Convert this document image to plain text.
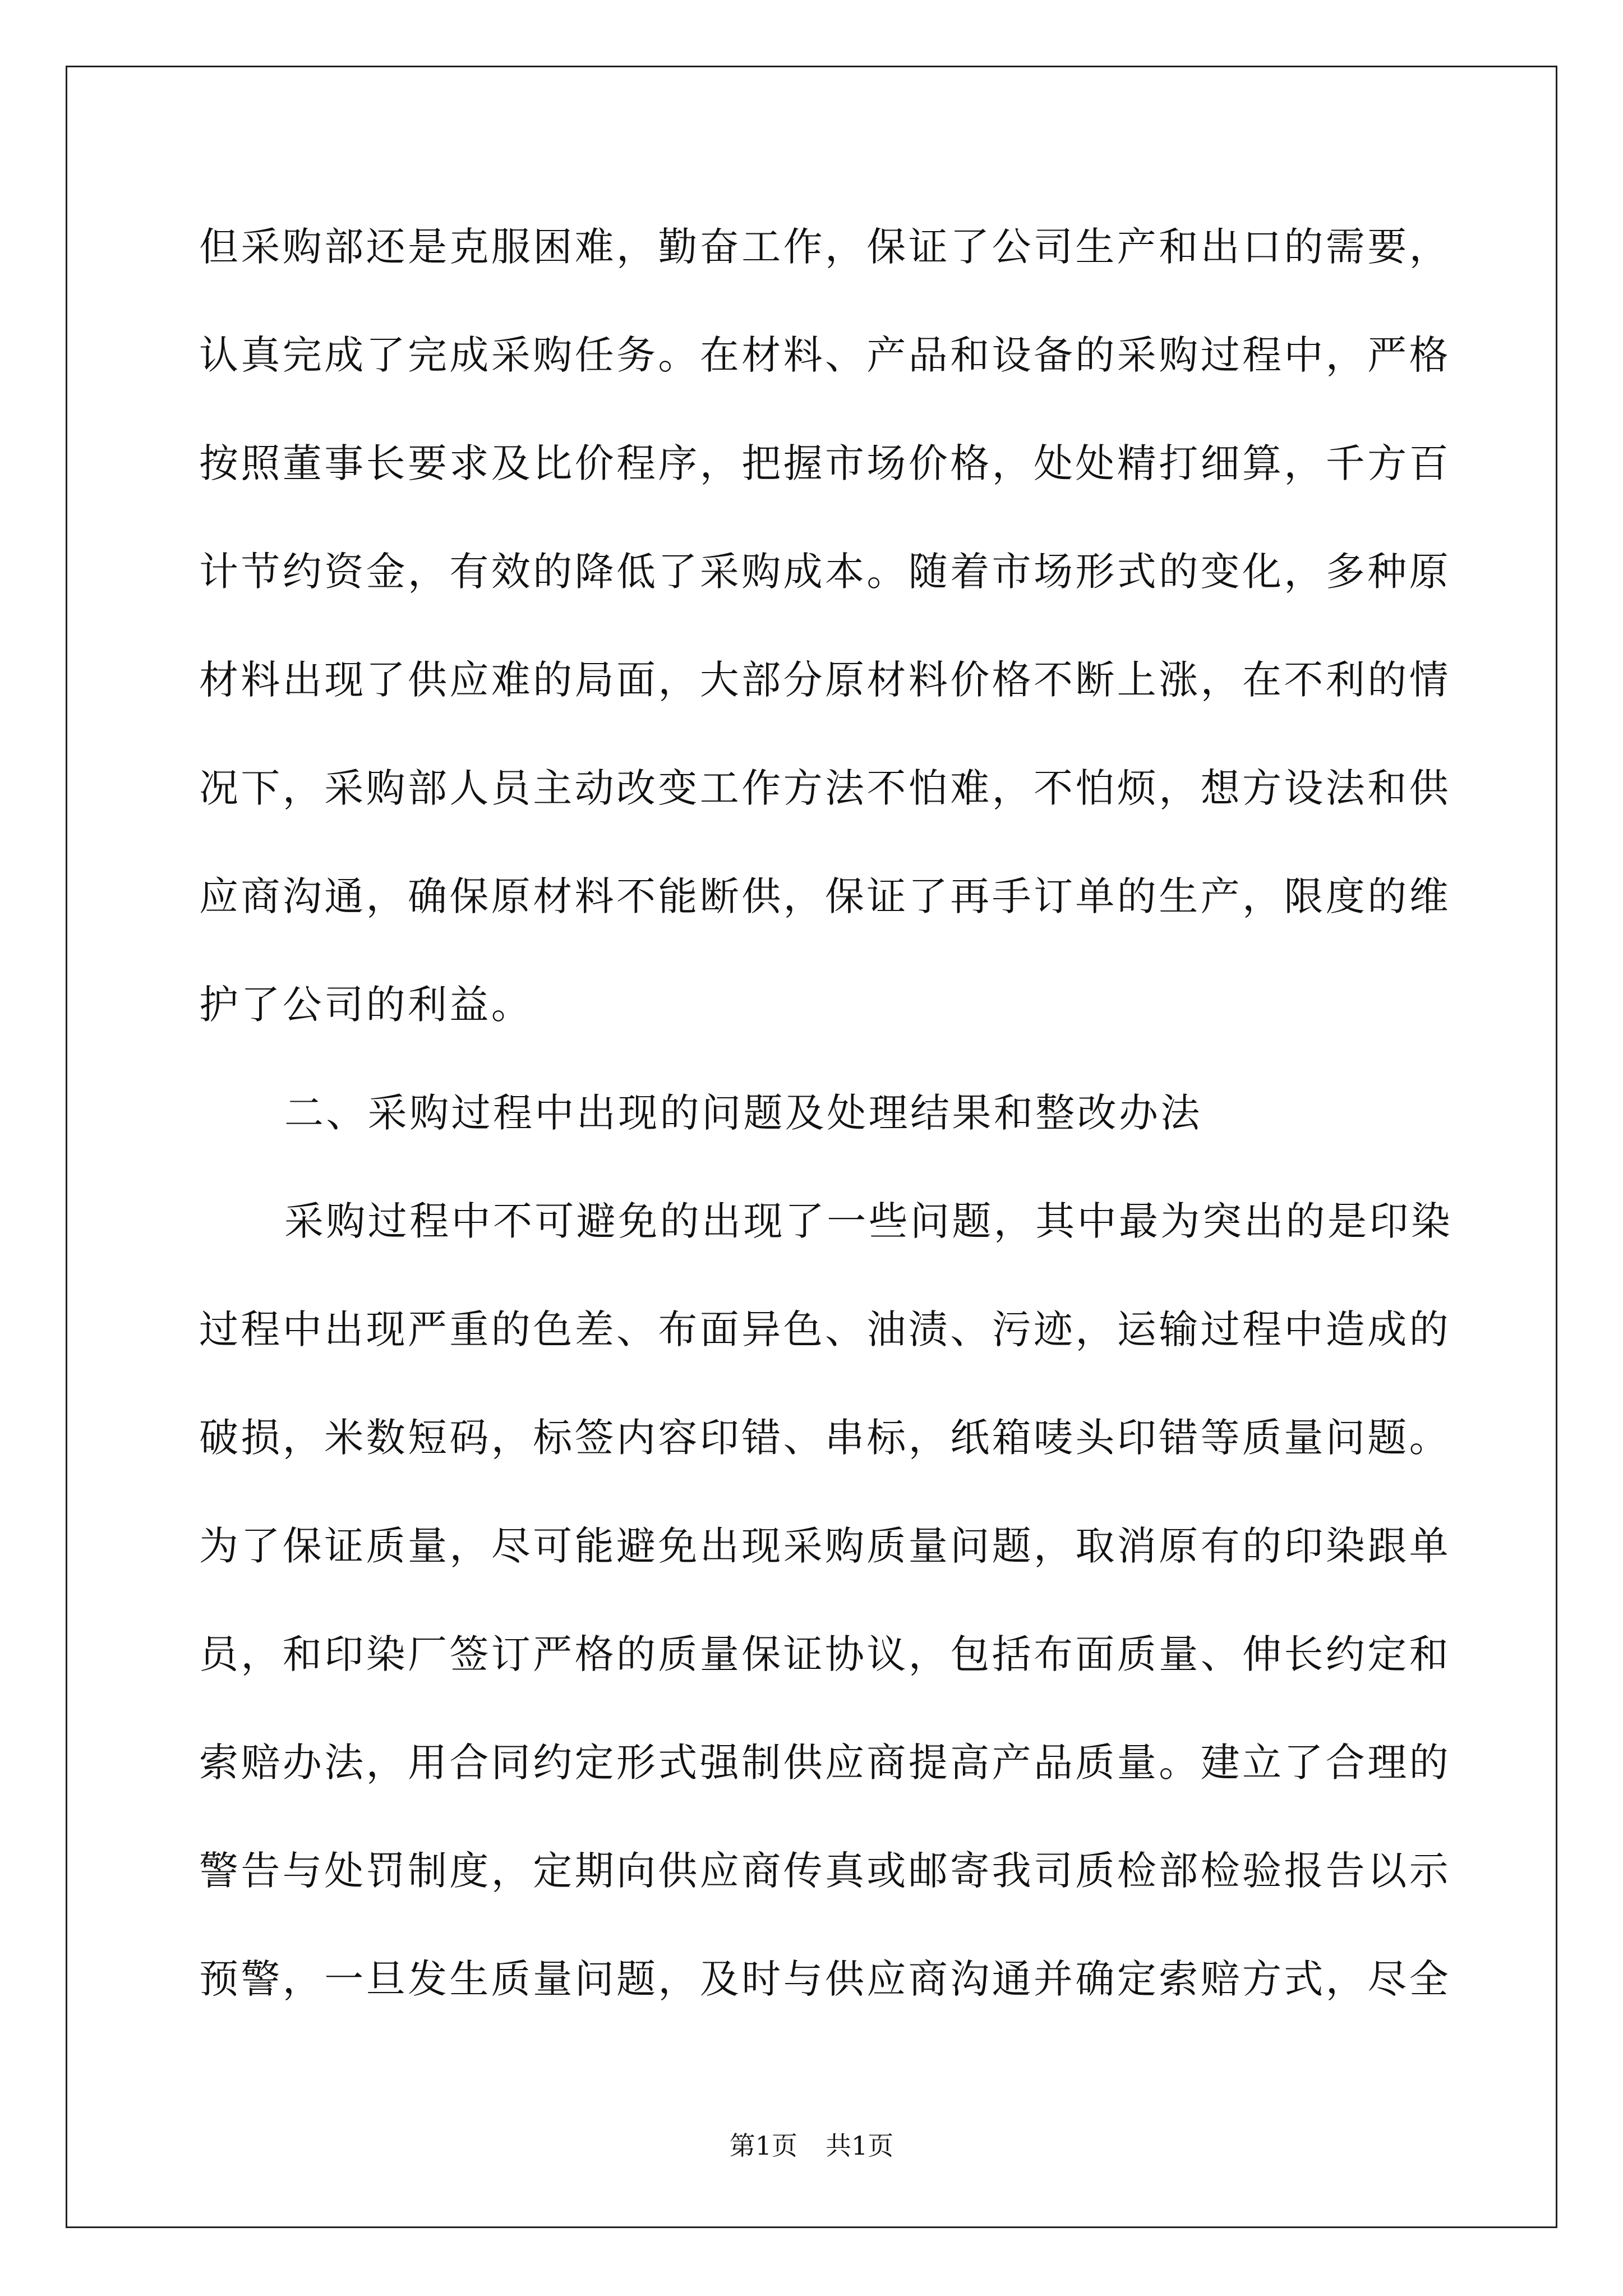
但采购部还是克服困难，勤奋工作，保证了公司生产和出口的需要，
认真完成了完成采购任务。在材料、产品和设备的采购过程中，严格
按照董事长要求及比价程序，把握市场价格，处处精打细算，千方百
计节约资金，有效的降低了采购成本。随着市场形式的变化，多种原
材料出现了供应难的局面，大部分原材料价格不断上涨，在不利的情
况下，采购部人员主动改变工作方法不怕难，不怕烦，想方设法和供
应商沟通，确保原材料不能断供，保证了再手订单的生产，限度的维
护了公司的利益。
二、采购过程中出现的问题及处理结果和整改办法
采购过程中不可避免的出现了一些问题，其中最为突出的是印染
过程中出现严重的色差、布面异色、油渍、污迹，运输过程中造成的
破损，米数短码，标签内容印错、串标，纸箱唛头印错等质量问题。
为了保证质量，尽可能避免出现采购质量问题，取消原有的印染跟单
员，和印染厂签订严格的质量保证协议，包括布面质量、伸长约定和
索赔办法，用合同约定形式强制供应商提高产品质量。建立了合理的
警告与处罚制度，定期向供应商传真或邮寄我司质检部检验报告以示
预警，一旦发生质量问题，及时与供应商沟通并确定索赔方式，尽全
第1页 共1页
